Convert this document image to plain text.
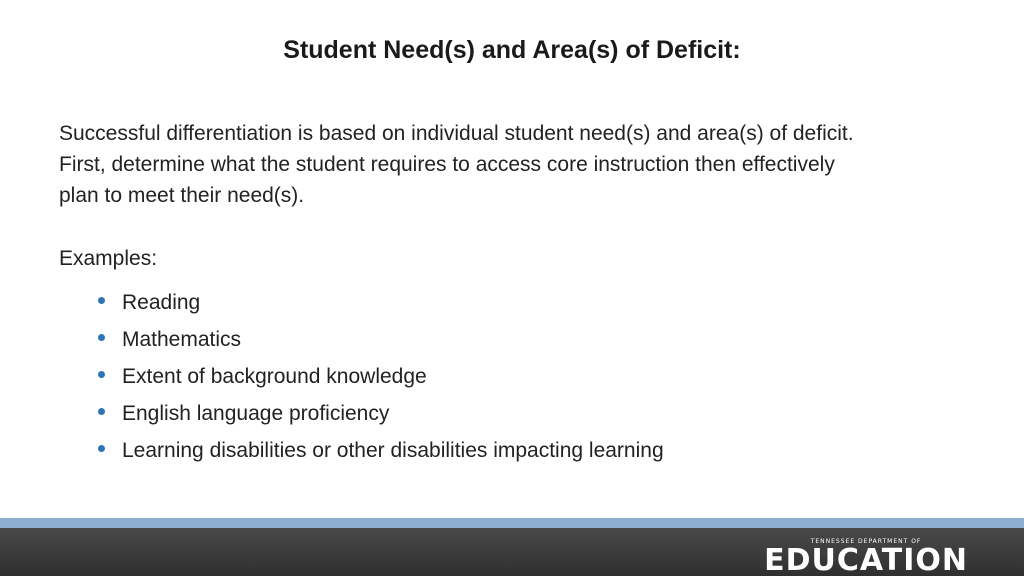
Student Need(s) and Area(s) of Deficit:
Successful differentiation is based on individual student need(s) and area(s) of deficit.
First, determine what the student requires to access core instruction then effectively
plan to meet their need(s).
Examples:
Reading
Mathematics
Extent of background knowledge
English language proficiency
Learning disabilities or other disabilities impacting learning
TENNESSEE DEPARTMENT OF
EDUCATION
